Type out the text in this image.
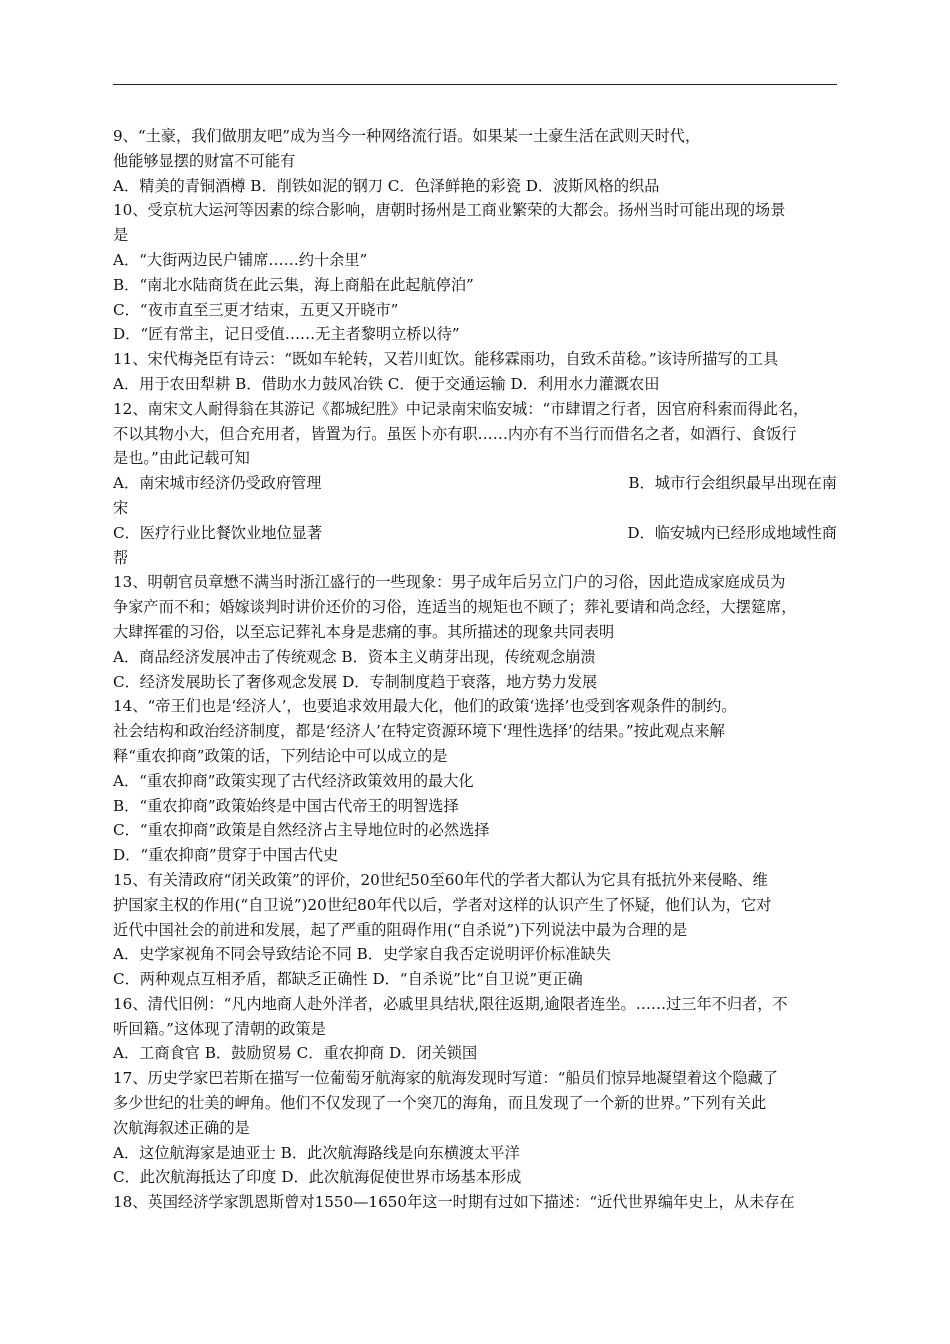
9、“土豪，我们做朋友吧”成为当今一种网络流行语。如果某一土豪生活在武则天时代，
他能够显摆的财富不可能有
A．精美的青铜酒樽 B．削铁如泥的钢刀 C．色泽鲜艳的彩瓷 D．波斯风格的织品
10、受京杭大运河等因素的综合影响，唐朝时扬州是工商业繁荣的大都会。扬州当时可能出现的场景
是
A．“大街两边民户铺席……约十余里”
B．“南北水陆商货在此云集，海上商船在此起航停泊”
C．“夜市直至三更才结束，五更又开晓市”
D．“匠有常主，记日受值……无主者黎明立桥以待”
11、宋代梅尧臣有诗云：“既如车轮转，又若川虹饮。能移霖雨功，自致禾苗稔。”该诗所描写的工具
A．用于农田犁耕 B．借助水力鼓风冶铁 C．便于交通运输 D．利用水力灌溉农田
12、南宋文人耐得翁在其游记《都城纪胜》中记录南宋临安城：“市肆谓之行者，因官府科索而得此名，
不以其物小大，但合充用者，皆置为行。虽医卜亦有职……内亦有不当行而借名之者，如酒行、食饭行
是也。”由此记载可知
A．南宋城市经济仍受政府管理	B．城市行会组织最早出现在南
宋
C．医疗行业比餐饮业地位显著	D．临安城内已经形成地域性商
帮
13、明朝官员章懋不满当时浙江盛行的一些现象：男子成年后另立门户的习俗，因此造成家庭成员为
争家产而不和；婚嫁谈判时讲价还价的习俗，连适当的规矩也不顾了；葬礼要请和尚念经，大摆筵席，
大肆挥霍的习俗，以至忘记葬礼本身是悲痛的事。其所描述的现象共同表明
A．商品经济发展冲击了传统观念 B．资本主义萌芽出现，传统观念崩溃
C．经济发展助长了奢侈观念发展 D．专制制度趋于衰落，地方势力发展
14、“帝王们也是‘经济人’，也要追求效用最大化，他们的政策‘选择’也受到客观条件的制约。
社会结构和政治经济制度，都是‘经济人’在特定资源环境下‘理性选择’的结果。”按此观点来解
释“重农抑商”政策的话，下列结论中可以成立的是
A．“重农抑商”政策实现了古代经济政策效用的最大化
B．“重农抑商”政策始终是中国古代帝王的明智选择
C．“重农抑商”政策是自然经济占主导地位时的必然选择
D．“重农抑商”贯穿于中国古代史
15、有关清政府“闭关政策”的评价，20世纪50至60年代的学者大都认为它具有抵抗外来侵略、维
护国家主权的作用(“自卫说”)20世纪80年代以后，学者对这样的认识产生了怀疑，他们认为，它对
近代中国社会的前进和发展，起了严重的阻碍作用(“自杀说”)下列说法中最为合理的是
A．史学家视角不同会导致结论不同 B．史学家自我否定说明评价标准缺失
C．两种观点互相矛盾，都缺乏正确性 D．“自杀说”比“自卫说”更正确
16、清代旧例：“凡内地商人赴外洋者，必戚里具结状,限往返期,逾限者连坐。……过三年不归者，不
听回籍。”这体现了清朝的政策是
A．工商食官 B．鼓励贸易 C．重农抑商 D．闭关锁国
17、历史学家巴若斯在描写一位葡萄牙航海家的航海发现时写道：“船员们惊异地凝望着这个隐藏了
多少世纪的壮美的岬角。他们不仅发现了一个突兀的海角，而且发现了一个新的世界。”下列有关此
次航海叙述正确的是
A．这位航海家是迪亚士 B．此次航海路线是向东横渡太平洋
C．此次航海抵达了印度 D．此次航海促使世界市场基本形成
18、英国经济学家凯恩斯曾对1550—1650年这一时期有过如下描述：“近代世界编年史上，从未存在
